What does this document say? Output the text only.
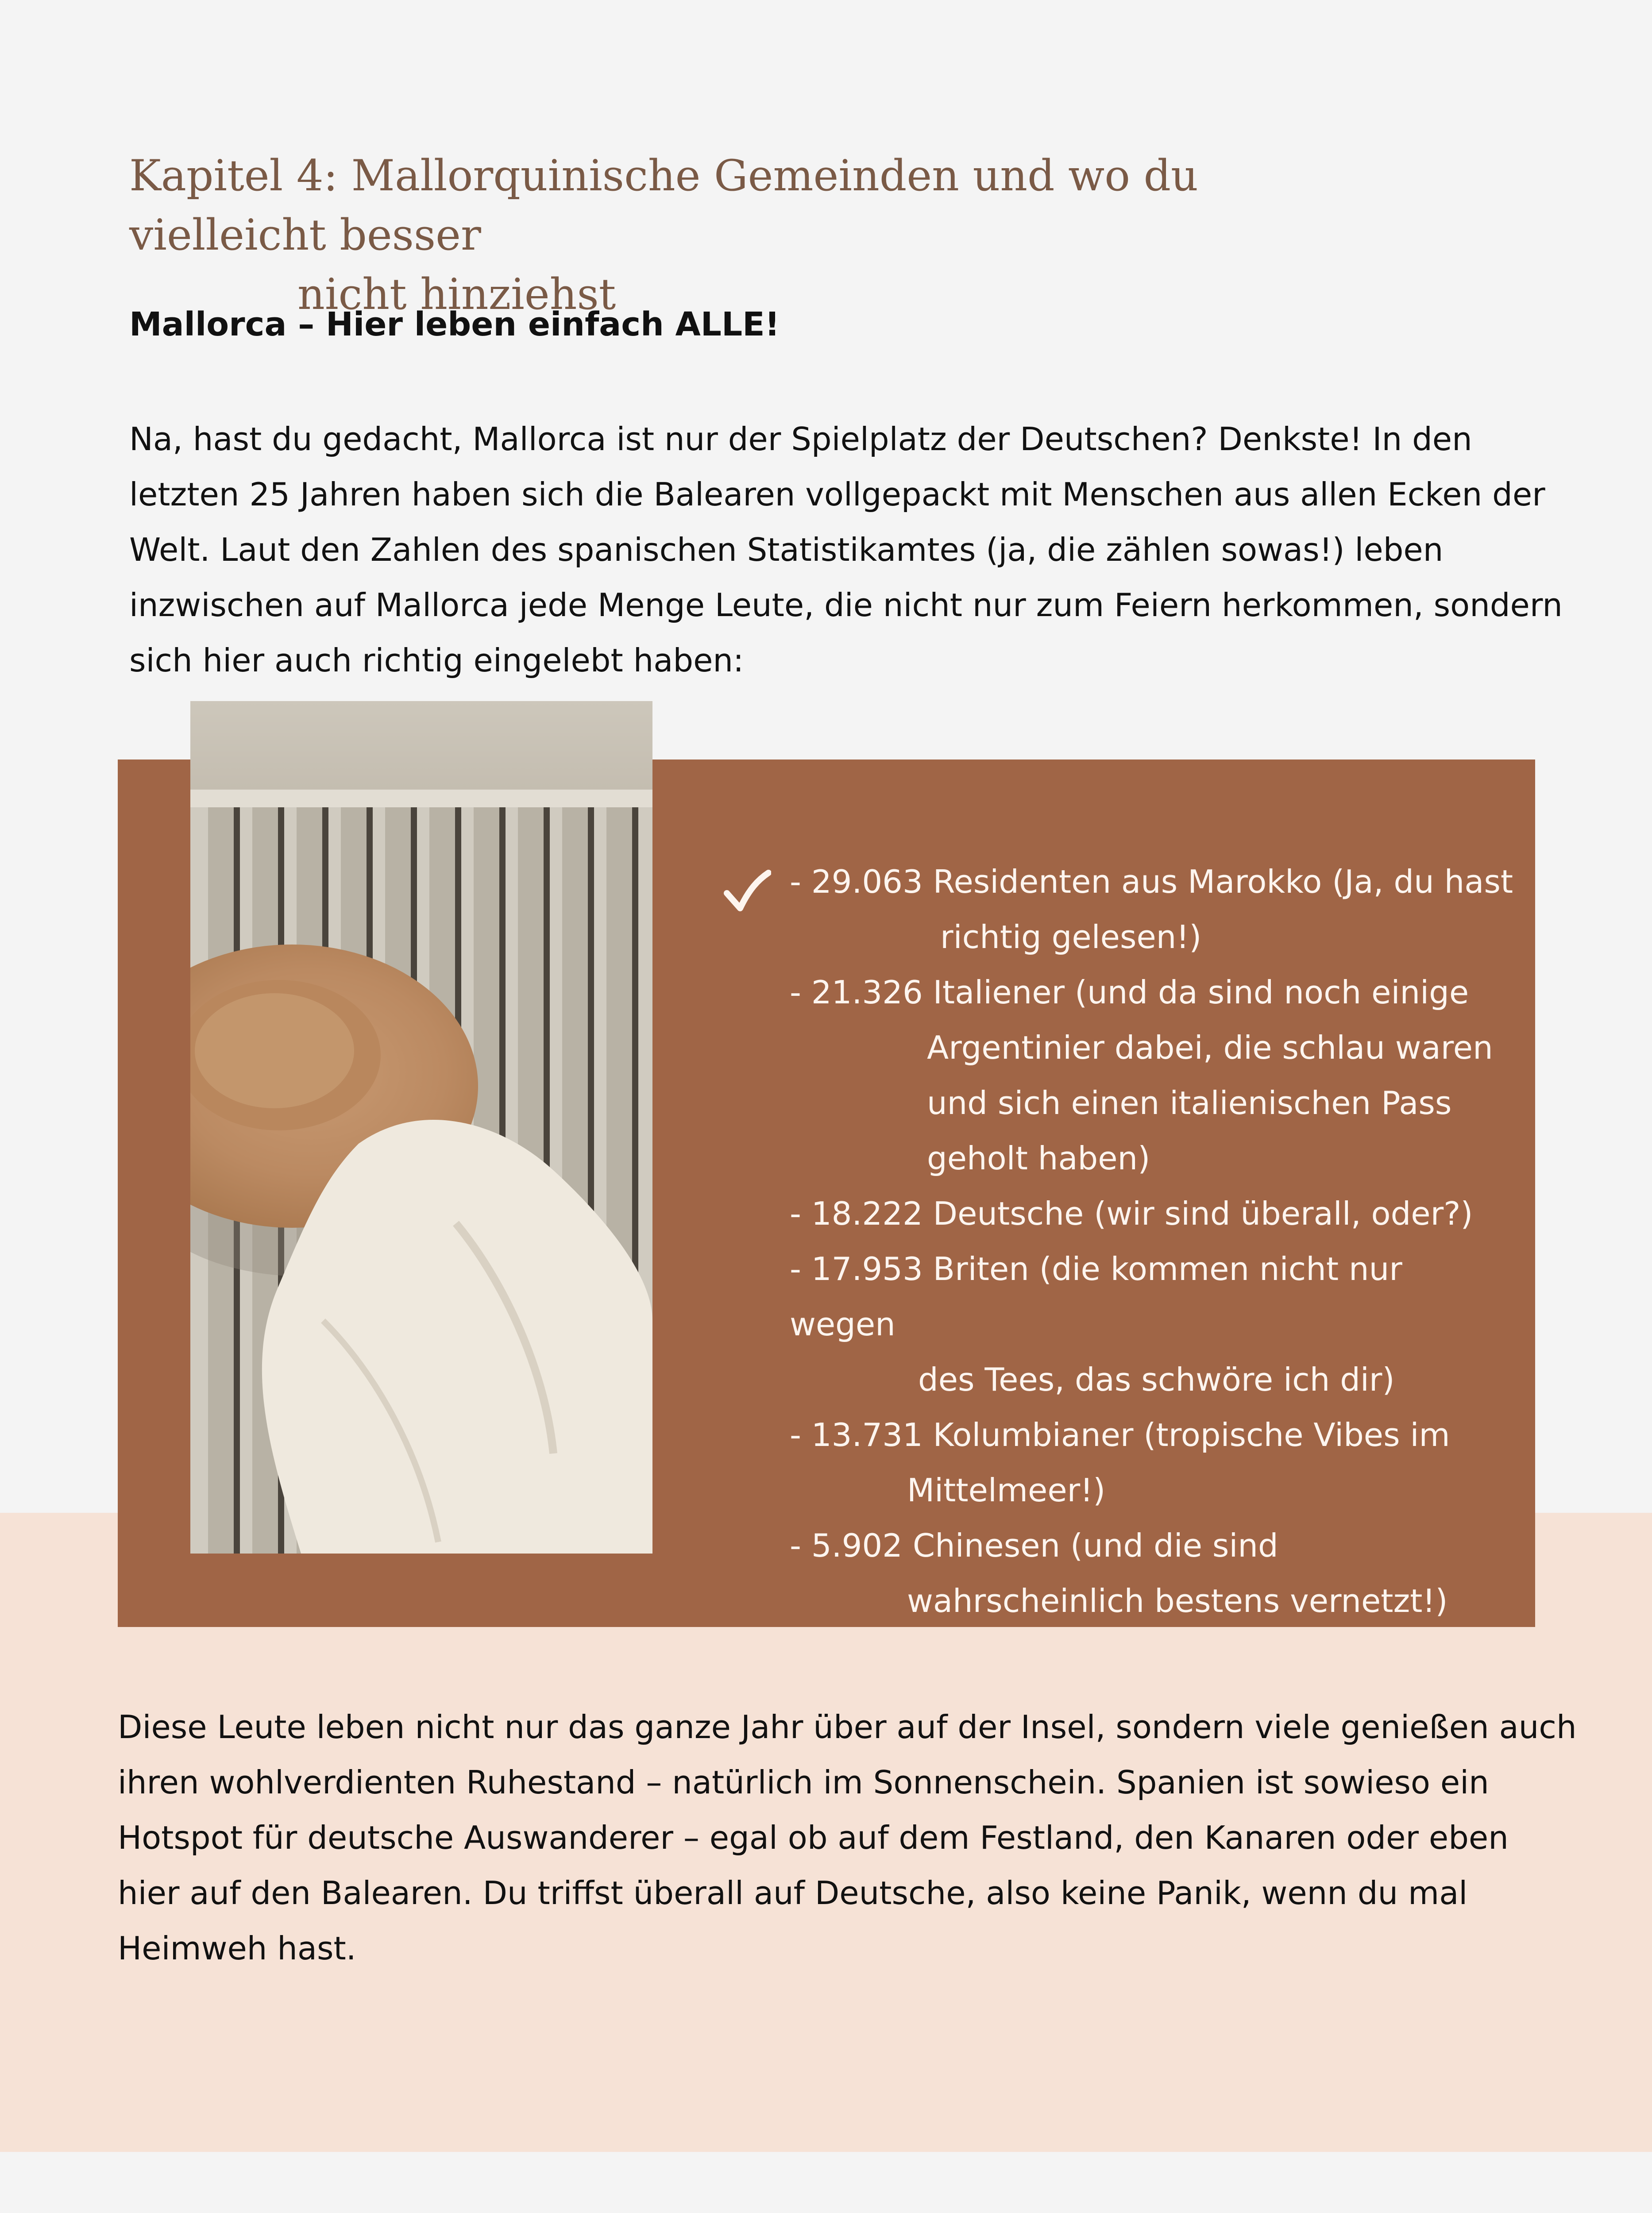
Kapitel 4: Mallorquinische Gemeinden und wo du vielleicht besser
nicht hinziehst
Mallorca – Hier leben einfach ALLE!

Na, hast du gedacht, Mallorca ist nur der Spielplatz der Deutschen? Denkste! In den letzten 25 Jahren haben sich die Balearen vollgepackt mit Menschen aus allen Ecken der Welt. Laut den Zahlen des spanischen Statistikamtes (ja, die zählen sowas!) leben inzwischen auf Mallorca jede Menge Leute, die nicht nur zum Feiern herkommen, sondern sich hier auch richtig eingelebt haben:

- 29.063 Residenten aus Marokko (Ja, du hast
richtig gelesen!)
- 21.326 Italiener (und da sind noch einige
Argentinier dabei, die schlau waren
und sich einen italienischen Pass
geholt haben)
- 18.222 Deutsche (wir sind überall, oder?)
- 17.953 Briten (die kommen nicht nur wegen
des Tees, das schwöre ich dir)
- 13.731 Kolumbianer (tropische Vibes im
Mittelmeer!)
- 5.902 Chinesen (und die sind
wahrscheinlich bestens vernetzt!)

Diese Leute leben nicht nur das ganze Jahr über auf der Insel, sondern viele genießen auch ihren wohlverdienten Ruhestand – natürlich im Sonnenschein. Spanien ist sowieso ein Hotspot für deutsche Auswanderer – egal ob auf dem Festland, den Kanaren oder eben hier auf den Balearen. Du triffst überall auf Deutsche, also keine Panik, wenn du mal Heimweh hast.
